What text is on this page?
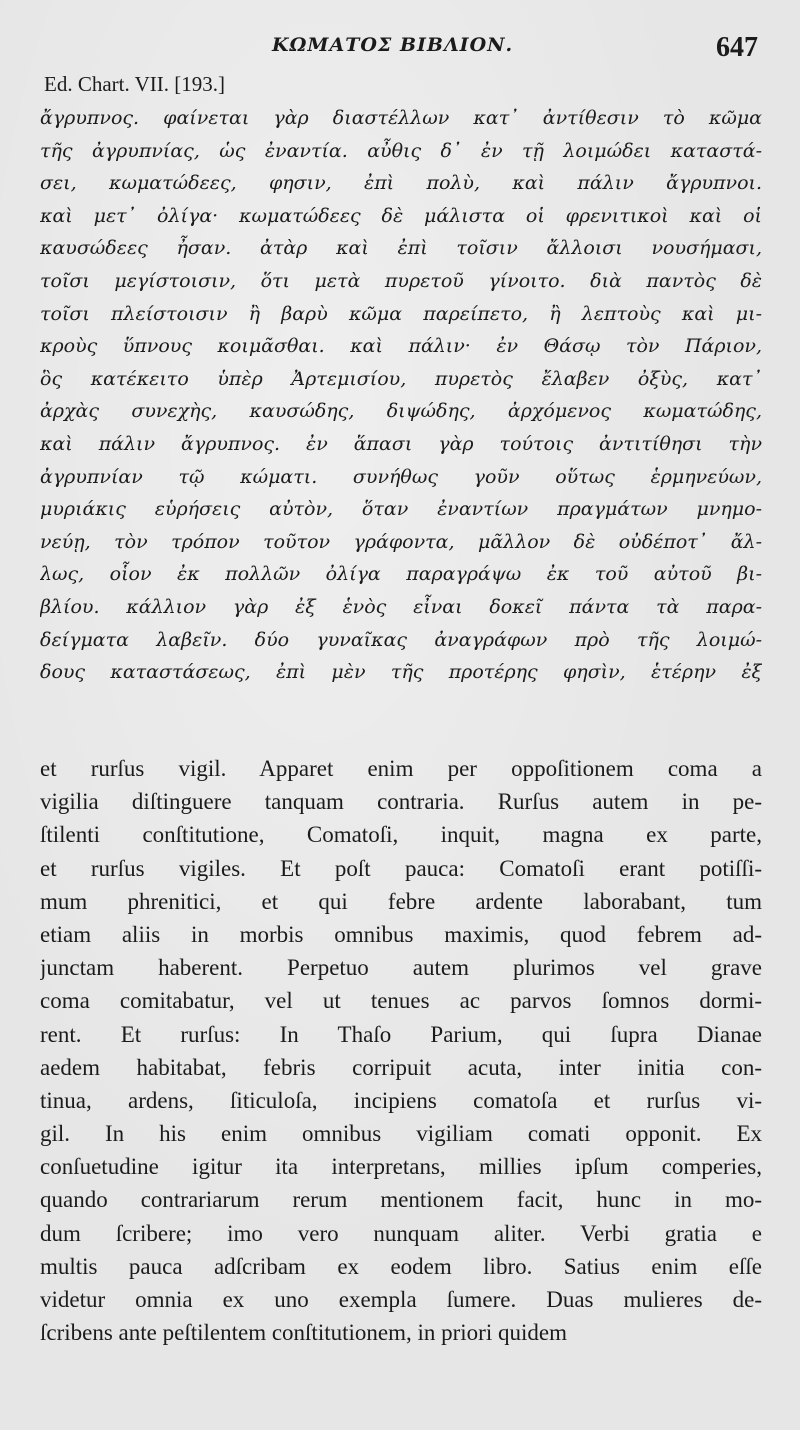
ΚΩΜΑΤΟΣ ΒΙΒΛΙΟΝ.	647
Ed. Chart. VII. [193.]
ἄγρυπνος. φαίνεται γὰρ διαστέλλων κατ᾽ ἀντίθεσιν τὸ κῶμα
τῆς ἀγρυπνίας, ὡς ἐναντία. αὖθις δ᾽ ἐν τῇ λοιμώδει καταστά-
σει, κωματώδεες, φησιν, ἐπὶ πολὺ, καὶ πάλιν ἄγρυπνοι.
καὶ μετ᾽ ὀλίγα· κωματώδεες δὲ μάλιστα οἱ φρενιτικοὶ καὶ οἱ
καυσώδεες ἦσαν. ἀτὰρ καὶ ἐπὶ τοῖσιν ἄλλοισι νουσήμασι,
τοῖσι μεγίστοισιν, ὅτι μετὰ πυρετοῦ γίνοιτο. διὰ παντὸς δὲ
τοῖσι πλείστοισιν ἢ βαρὺ κῶμα παρείπετο, ἢ λεπτοὺς καὶ μι-
κροὺς ὕπνους κοιμᾶσθαι. καὶ πάλιν· ἐν Θάσῳ τὸν Πάριον,
ὃς κατέκειτο ὑπὲρ Ἀρτεμισίου, πυρετὸς ἔλαβεν ὀξὺς, κατ᾽
ἀρχὰς συνεχὴς, καυσώδης, διψώδης, ἀρχόμενος κωματώδης,
καὶ πάλιν ἄγρυπνος. ἐν ἅπασι γὰρ τούτοις ἀντιτίθησι τὴν
ἀγρυπνίαν τῷ κώματι. συνήθως γοῦν οὕτως ἑρμηνεύων,
μυριάκις εὑρήσεις αὐτὸν, ὅταν ἐναντίων πραγμάτων μνημο-
νεύῃ, τὸν τρόπον τοῦτον γράφοντα, μᾶλλον δὲ οὐδέποτ᾽ ἄλ-
λως, οἷον ἐκ πολλῶν ὀλίγα παραγράψω ἐκ τοῦ αὐτοῦ βι-
βλίου. κάλλιον γὰρ ἐξ ἑνὸς εἶναι δοκεῖ πάντα τὰ παρα-
δείγματα λαβεῖν. δύο γυναῖκας ἀναγράφων πρὸ τῆς λοιμώ-
δους καταστάσεως, ἐπὶ μὲν τῆς προτέρης φησὶν, ἑτέρην ἐξ
et rurſus vigil. Apparet enim per oppoſitionem coma a
vigilia diſtinguere tanquam contraria. Rurſus autem in pe-
ſtilenti conſtitutione, Comatoſi, inquit, magna ex parte,
et rurſus vigiles. Et poſt pauca: Comatoſi erant potiſſi-
mum phrenitici, et qui febre ardente laborabant, tum
etiam aliis in morbis omnibus maximis, quod febrem ad-
junctam haberent. Perpetuo autem plurimos vel grave
coma comitabatur, vel ut tenues ac parvos ſomnos dormi-
rent. Et rurſus: In Thaſo Parium, qui ſupra Dianae
aedem habitabat, febris corripuit acuta, inter initia con-
tinua, ardens, ſiticuloſa, incipiens comatoſa et rurſus vi-
gil. In his enim omnibus vigiliam comati opponit. Ex
conſuetudine igitur ita interpretans, millies ipſum comperies,
quando contrariarum rerum mentionem facit, hunc in mo-
dum ſcribere; imo vero nunquam aliter. Verbi gratia e
multis pauca adſcribam ex eodem libro. Satius enim eſſe
videtur omnia ex uno exempla ſumere. Duas mulieres de-
ſcribens ante peſtilentem conſtitutionem, in priori quidem
